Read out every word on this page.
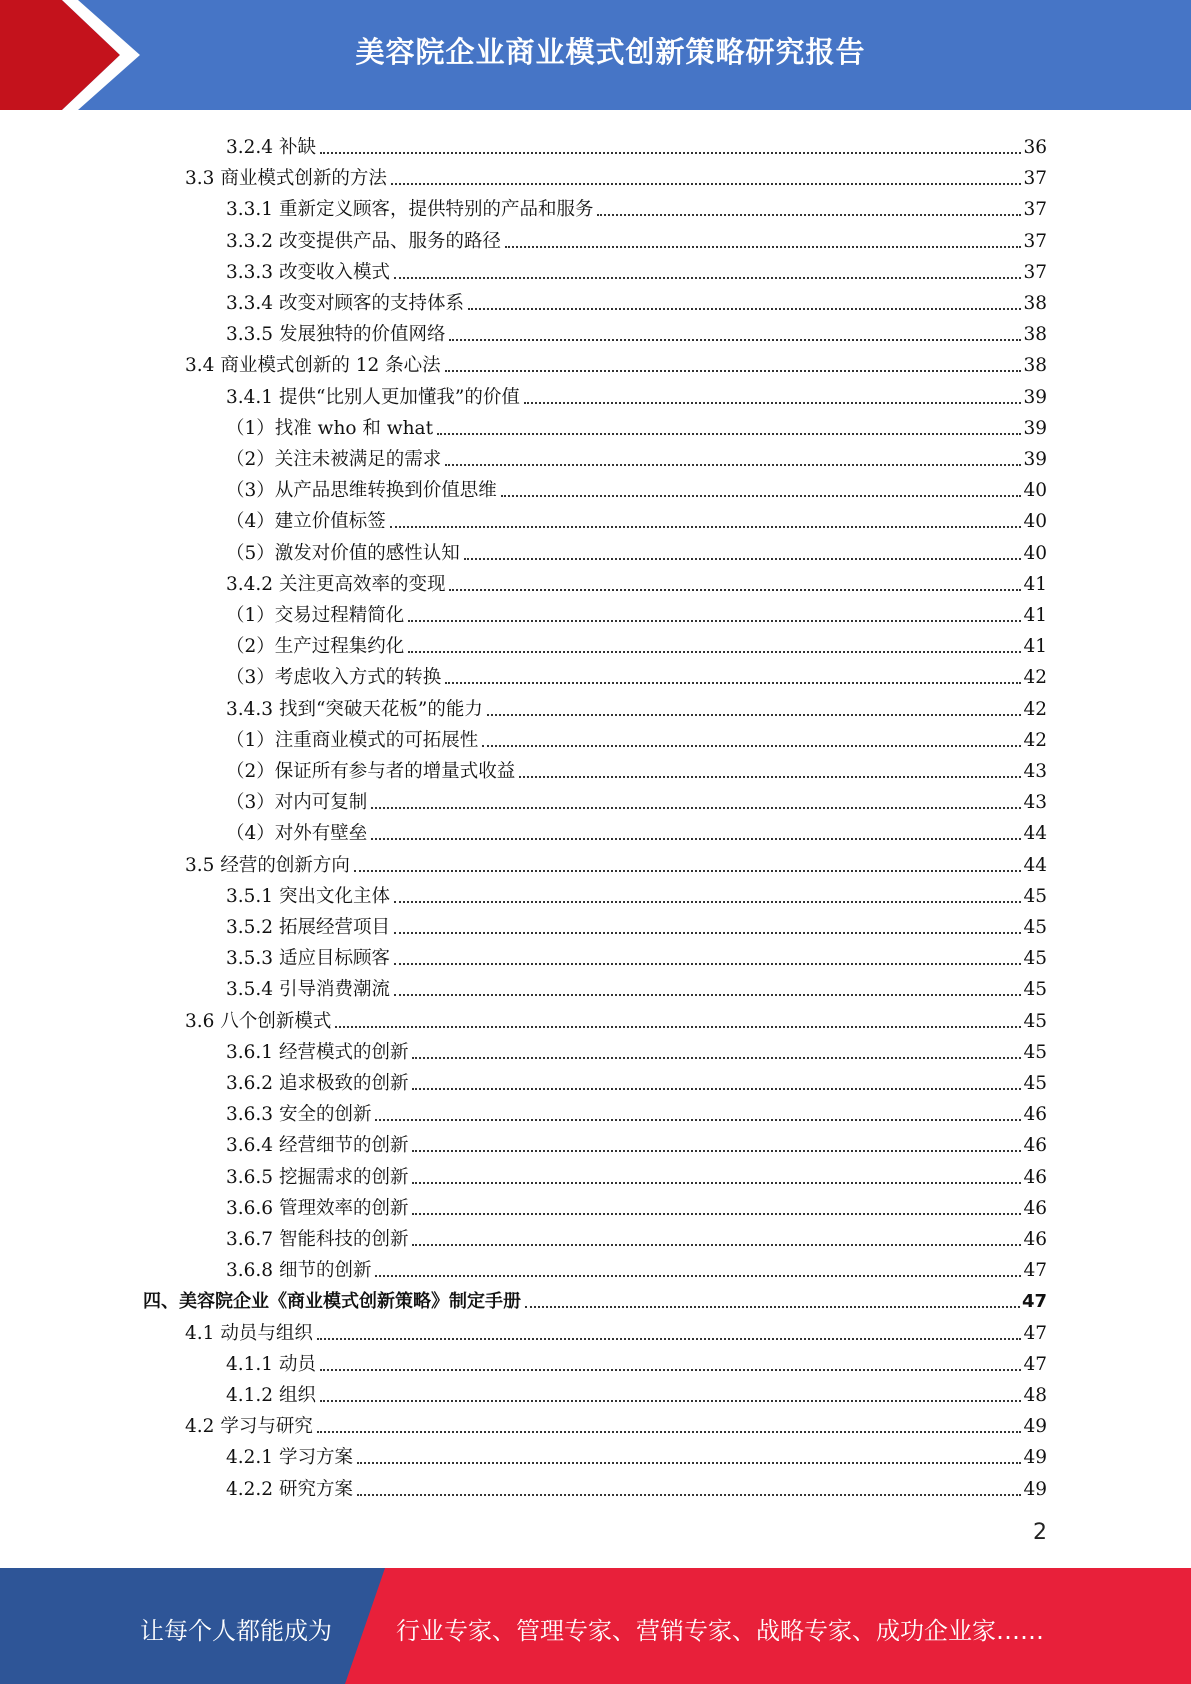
美容院企业商业模式创新策略研究报告
3.2.4 补缺	36
3.3 商业模式创新的方法	37
3.3.1 重新定义顾客，提供特别的产品和服务	37
3.3.2 改变提供产品、服务的路径	37
3.3.3 改变收入模式	37
3.3.4 改变对顾客的支持体系	38
3.3.5 发展独特的价值网络	38
3.4 商业模式创新的 12 条心法	38
3.4.1 提供“比别人更加懂我”的价值	39
（1）找准 who 和 what	39
（2）关注未被满足的需求	39
（3）从产品思维转换到价值思维	40
（4）建立价值标签	40
（5）激发对价值的感性认知	40
3.4.2 关注更高效率的变现	41
（1）交易过程精简化	41
（2）生产过程集约化	41
（3）考虑收入方式的转换	42
3.4.3 找到“突破天花板”的能力	42
（1）注重商业模式的可拓展性	42
（2）保证所有参与者的增量式收益	43
（3）对内可复制	43
（4）对外有壁垒	44
3.5 经营的创新方向	44
3.5.1 突出文化主体	45
3.5.2 拓展经营项目	45
3.5.3 适应目标顾客	45
3.5.4 引导消费潮流	45
3.6 八个创新模式	45
3.6.1 经营模式的创新	45
3.6.2 追求极致的创新	45
3.6.3 安全的创新	46
3.6.4 经营细节的创新	46
3.6.5 挖掘需求的创新	46
3.6.6 管理效率的创新	46
3.6.7 智能科技的创新	46
3.6.8 细节的创新	47
四、美容院企业《商业模式创新策略》制定手册	47
4.1 动员与组织	47
4.1.1 动员	47
4.1.2 组织	48
4.2 学习与研究	49
4.2.1 学习方案	49
4.2.2 研究方案	49
2
让每个人都能成为	行业专家、管理专家、营销专家、战略专家、成功企业家……
